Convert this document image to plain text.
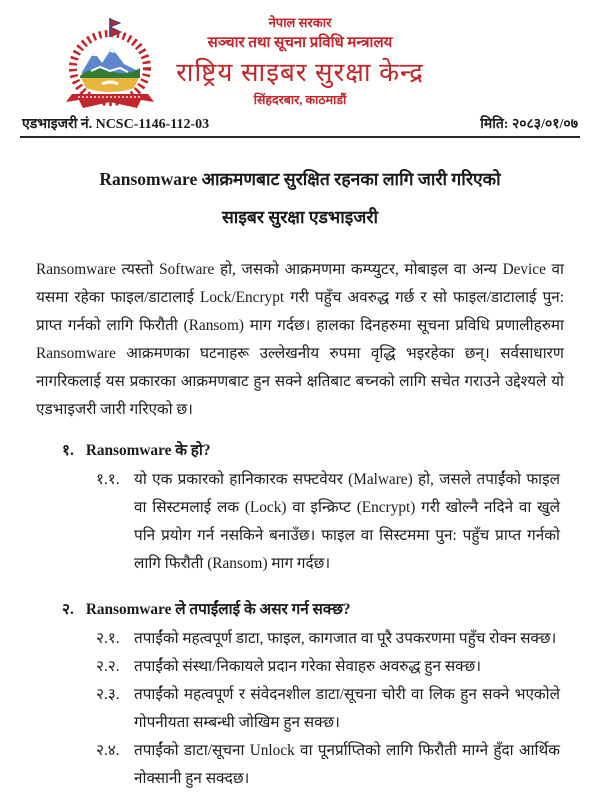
नेपाल सरकार
सञ्चार तथा सूचना प्रविधि मन्त्रालय
राष्ट्रिय साइबर सुरक्षा केन्द्र
सिंहदरबार, काठमाडौं
एडभाइजरी नं. NCSC-1146-112-03	मिति: २०८३/०१/०७
Ransomware आक्रमणबाट सुरक्षित रहनका लागि जारी गरिएको
साइबर सुरक्षा एडभाइजरी

Ransomware त्यस्तो Software हो, जसको आक्रमणमा कम्प्युटर, मोबाइल वा अन्य Device वा यसमा रहेका फाइल/डाटालाई Lock/Encrypt गरी पहुँच अवरुद्ध गर्छ र सो फाइल/डाटालाई पुन: प्राप्त गर्नको लागि फिरौती (Ransom) माग गर्दछ। हालका दिनहरुमा सूचना प्रविधि प्रणालीहरुमा Ransomware आक्रमणका घटनाहरू उल्लेखनीय रुपमा वृद्धि भइरहेका छन्। सर्वसाधारण नागरिकलाई यस प्रकारका आक्रमणबाट हुन सक्ने क्षतिबाट बच्नको लागि सचेत गराउने उद्देश्यले यो एडभाइजरी जारी गरिएको छ।

१. Ransomware के हो?
१.१. यो एक प्रकारको हानिकारक सफ्टवेयर (Malware) हो, जसले तपाईंको फाइल वा सिस्टमलाई लक (Lock) वा इन्क्रिप्ट (Encrypt) गरी खोल्नै नदिने वा खुले पनि प्रयोग गर्न नसकिने बनाउँछ। फाइल वा सिस्टममा पुन: पहुँच प्राप्त गर्नको लागि फिरौती (Ransom) माग गर्दछ।
२. Ransomware ले तपाईंलाई के असर गर्न सक्छ?
२.१. तपाईंको महत्वपूर्ण डाटा, फाइल, कागजात वा पूरै उपकरणमा पहुँच रोक्न सक्छ।
२.२. तपाईंको संस्था/निकायले प्रदान गरेका सेवाहरु अवरुद्ध हुन सक्छ।
२.३. तपाईंको महत्वपूर्ण र संवेदनशील डाटा/सूचना चोरी वा लिक हुन सक्ने भएकोले गोपनीयता सम्बन्धी जोखिम हुन सक्छ।
२.४. तपाईंको डाटा/सूचना Unlock वा पूनर्प्राप्तिको लागि फिरौती माग्ने हुँदा आर्थिक नोक्सानी हुन सक्दछ।
